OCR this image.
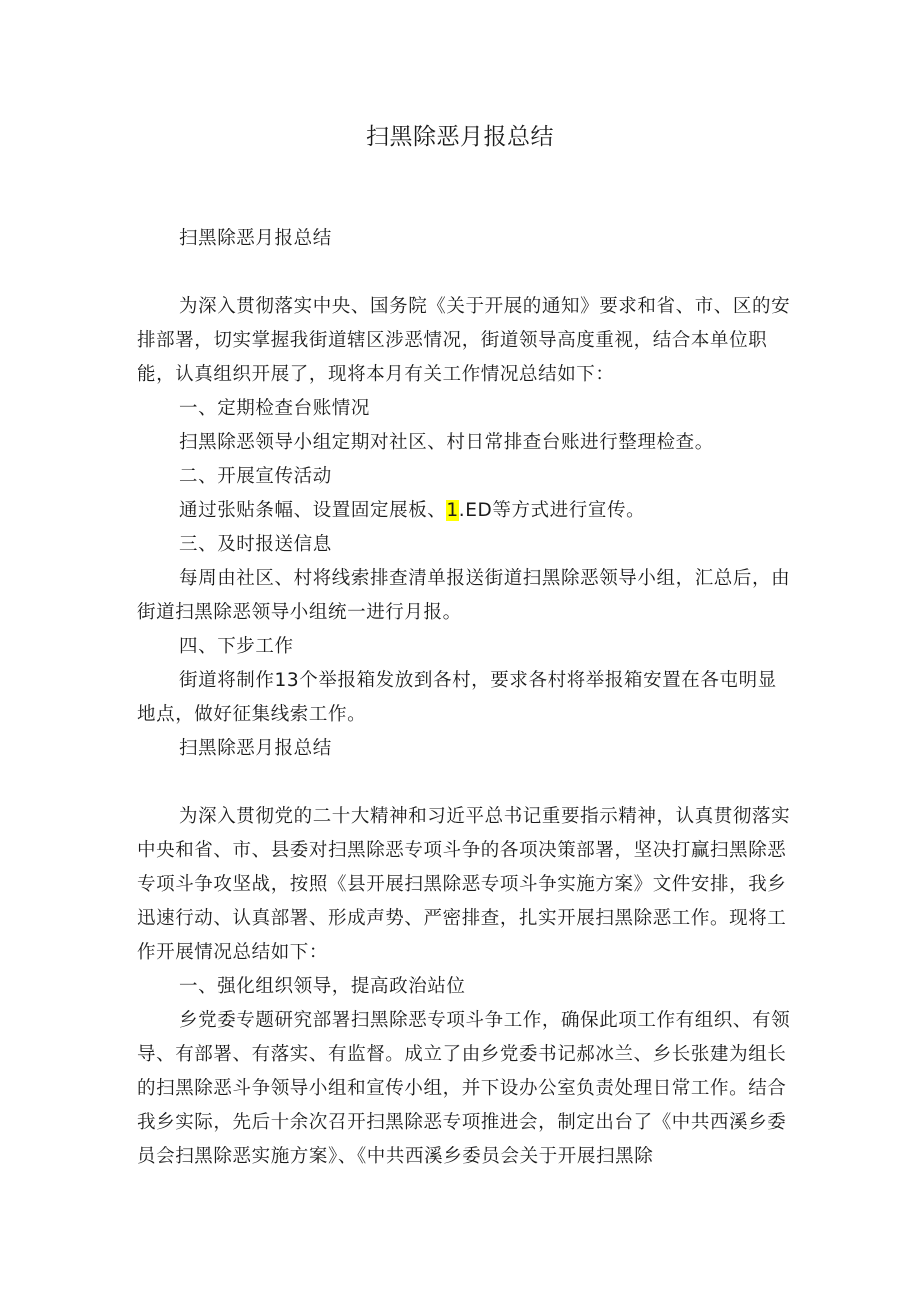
扫黑除恶月报总结

扫黑除恶月报总结

为深入贯彻落实中央、国务院《关于开展的通知》要求和省、市、区的安排部署，切实掌握我街道辖区涉恶情况，街道领导高度重视，结合本单位职能，认真组织开展了，现将本月有关工作情况总结如下：

一、定期检查台账情况

扫黑除恶领导小组定期对社区、村日常排查台账进行整理检查。

二、开展宣传活动

通过张贴条幅、设置固定展板、1.ED等方式进行宣传。

三、及时报送信息

每周由社区、村将线索排查清单报送街道扫黑除恶领导小组，汇总后，由街道扫黑除恶领导小组统一进行月报。

四、下步工作

街道将制作13个举报箱发放到各村，要求各村将举报箱安置在各屯明显地点，做好征集线索工作。

扫黑除恶月报总结

为深入贯彻党的二十大精神和习近平总书记重要指示精神，认真贯彻落实中央和省、市、县委对扫黑除恶专项斗争的各项决策部署，坚决打赢扫黑除恶专项斗争攻坚战，按照《县开展扫黑除恶专项斗争实施方案》文件安排，我乡迅速行动、认真部署、形成声势、严密排查，扎实开展扫黑除恶工作。现将工作开展情况总结如下：

一、强化组织领导，提高政治站位

乡党委专题研究部署扫黑除恶专项斗争工作，确保此项工作有组织、有领导、有部署、有落实、有监督。成立了由乡党委书记郝冰兰、乡长张建为组长的扫黑除恶斗争领导小组和宣传小组，并下设办公室负责处理日常工作。结合我乡实际，先后十余次召开扫黑除恶专项推进会，制定出台了《中共西溪乡委员会扫黑除恶实施方案》、《中共西溪乡委员会关于开展扫黑除
